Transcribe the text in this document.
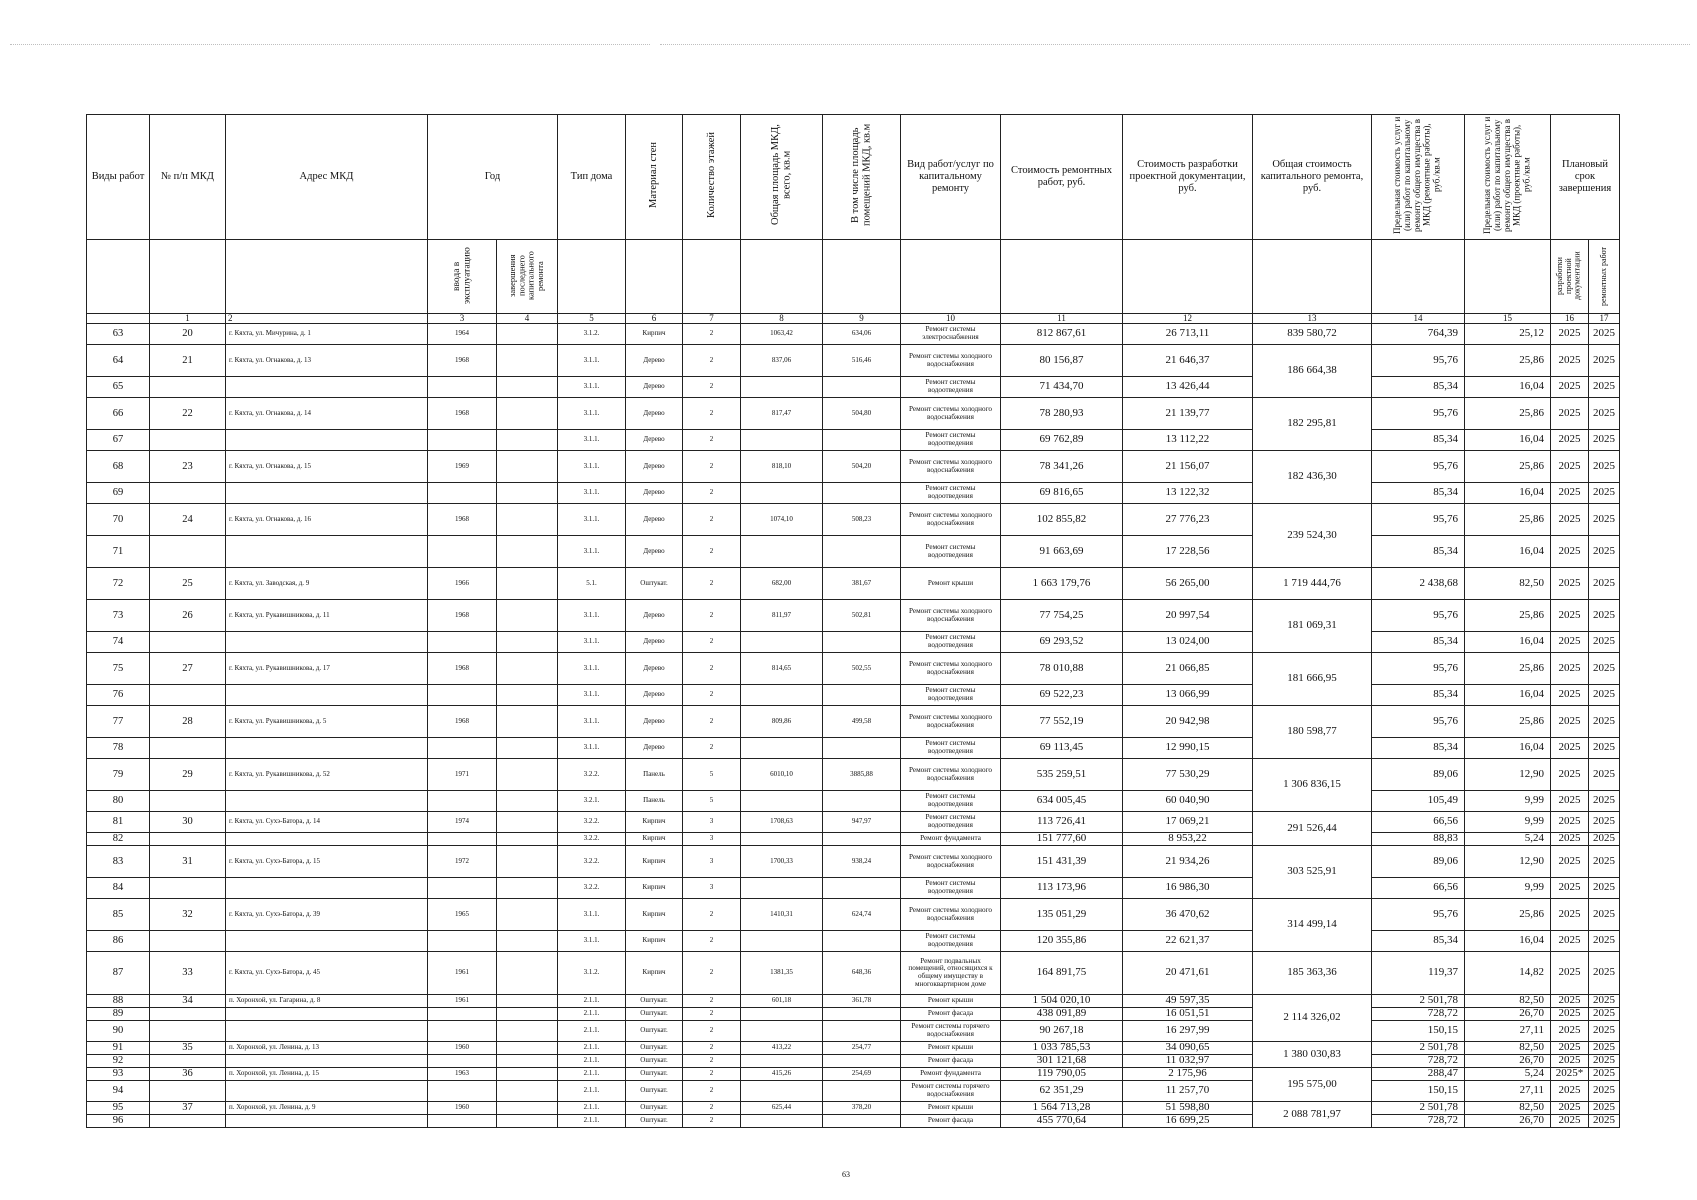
Виды работ	№ п/п МКД	Адрес МКД	Год		Тип дома	Материал стен	Количество этажей	Общая площадь МКД, всего, кв.м	В том числе площадь помещений МКД, кв.м	Вид работ/услуг по капитальному ремонту	Стоимость ремонтных работ, руб.	Стоимость разработки проектной документации, руб.	Общая стоимость капитального ремонта, руб.	Предельная стоимость услуг и (или) работ по капитальному ремонту общего имущества в МКД (ремонтные работы), руб./кв.м	Предельная стоимость услуг и (или) работ по капитальному ремонту общего имущества в МКД (проектные работы), руб./кв.м	Плановый срок завершения	
			ввода в эксплуатацию	завершения последнего капитального ремонта												разработки проектной документации	ремонтных работ
	1	2	3	4	5	6	7	8	9	10	11	12	13	14	15	16	17
63	20	г. Кяхта, ул. Мичурина, д. 1	1964		3.1.2.	Кирпич	2	1063,42	634,06	Ремонт системы электроснабжения	812 867,61	26 713,11	839 580,72	764,39	25,12	2025	2025
64	21	г. Кяхта, ул. Огнакова, д. 13	1968		3.1.1.	Дерево	2	837,06	516,46	Ремонт системы холодного водоснабжения	80 156,87	21 646,37	186 664,38	95,76	25,86	2025	2025
65					3.1.1.	Дерево	2			Ремонт системы водоотведения	71 434,70	13 426,44		85,34	16,04	2025	2025
66	22	г. Кяхта, ул. Огнакова, д. 14	1968		3.1.1.	Дерево	2	817,47	504,80	Ремонт системы холодного водоснабжения	78 280,93	21 139,77	182 295,81	95,76	25,86	2025	2025
67					3.1.1.	Дерево	2			Ремонт системы водоотведения	69 762,89	13 112,22		85,34	16,04	2025	2025
68	23	г. Кяхта, ул. Огнакова, д. 15	1969		3.1.1.	Дерево	2	818,10	504,20	Ремонт системы холодного водоснабжения	78 341,26	21 156,07	182 436,30	95,76	25,86	2025	2025
69					3.1.1.	Дерево	2			Ремонт системы водоотведения	69 816,65	13 122,32		85,34	16,04	2025	2025
70	24	г. Кяхта, ул. Огнакова, д. 16	1968		3.1.1.	Дерево	2	1074,10	508,23	Ремонт системы холодного водоснабжения	102 855,82	27 776,23	239 524,30	95,76	25,86	2025	2025
71					3.1.1.	Дерево	2			Ремонт системы водоотведения	91 663,69	17 228,56		85,34	16,04	2025	2025
72	25	г. Кяхта, ул. Заводская, д. 9	1966		5.1.	Оштукат.	2	682,00	381,67	Ремонт крыши	1 663 179,76	56 265,00	1 719 444,76	2 438,68	82,50	2025	2025
73	26	г. Кяхта, ул. Рукавишникова, д. 11	1968		3.1.1.	Дерево	2	811,97	502,81	Ремонт системы холодного водоснабжения	77 754,25	20 997,54	181 069,31	95,76	25,86	2025	2025
74					3.1.1.	Дерево	2			Ремонт системы водоотведения	69 293,52	13 024,00		85,34	16,04	2025	2025
75	27	г. Кяхта, ул. Рукавишникова, д. 17	1968		3.1.1.	Дерево	2	814,65	502,55	Ремонт системы холодного водоснабжения	78 010,88	21 066,85	181 666,95	95,76	25,86	2025	2025
76					3.1.1.	Дерево	2			Ремонт системы водоотведения	69 522,23	13 066,99		85,34	16,04	2025	2025
77	28	г. Кяхта, ул. Рукавишникова, д. 5	1968		3.1.1.	Дерево	2	809,86	499,58	Ремонт системы холодного водоснабжения	77 552,19	20 942,98	180 598,77	95,76	25,86	2025	2025
78					3.1.1.	Дерево	2			Ремонт системы водоотведения	69 113,45	12 990,15		85,34	16,04	2025	2025
79	29	г. Кяхта, ул. Рукавишникова, д. 52	1971		3.2.2.	Панель	5	6010,10	3885,88	Ремонт системы холодного водоснабжения	535 259,51	77 530,29	1 306 836,15	89,06	12,90	2025	2025
80					3.2.1.	Панель	5			Ремонт системы водоотведения	634 005,45	60 040,90		105,49	9,99	2025	2025
81	30	г. Кяхта, ул. Сухэ-Батора, д. 14	1974		3.2.2.	Кирпич	3	1708,63	947,97	Ремонт системы водоотведения	113 726,41	17 069,21	291 526,44	66,56	9,99	2025	2025
82					3.2.2.	Кирпич	3			Ремонт фундамента	151 777,60	8 953,22		88,83	5,24	2025	2025
83	31	г. Кяхта, ул. Сухэ-Батора, д. 15	1972		3.2.2.	Кирпич	3	1700,33	938,24	Ремонт системы холодного водоснабжения	151 431,39	21 934,26	303 525,91	89,06	12,90	2025	2025
84					3.2.2.	Кирпич	3			Ремонт системы водоотведения	113 173,96	16 986,30		66,56	9,99	2025	2025
85	32	г. Кяхта, ул. Сухэ-Батора, д. 39	1965		3.1.1.	Кирпич	2	1410,31	624,74	Ремонт системы холодного водоснабжения	135 051,29	36 470,62	314 499,14	95,76	25,86	2025	2025
86					3.1.1.	Кирпич	2			Ремонт системы водоотведения	120 355,86	22 621,37		85,34	16,04	2025	2025
87	33	г. Кяхта, ул. Сухэ-Батора, д. 45	1961		3.1.2.	Кирпич	2	1381,35	648,36	Ремонт подвальных помещений, относящихся к общему имуществу в многоквартирном доме	164 891,75	20 471,61	185 363,36	119,37	14,82	2025	2025
88	34	п. Хоронхой, ул. Гагарина, д. 8	1961		2.1.1.	Оштукат.	2	601,18	361,78	Ремонт крыши	1 504 020,10	49 597,35	2 114 326,02	2 501,78	82,50	2025	2025
89					2.1.1.	Оштукат.	2			Ремонт фасада	438 091,89	16 051,51		728,72	26,70	2025	2025
90					2.1.1.	Оштукат.	2			Ремонт системы горячего водоснабжения	90 267,18	16 297,99		150,15	27,11	2025	2025
91	35	п. Хоронхой, ул. Ленина, д. 13	1960		2.1.1.	Оштукат.	2	413,22	254,77	Ремонт крыши	1 033 785,53	34 090,65	1 380 030,83	2 501,78	82,50	2025	2025
92					2.1.1.	Оштукат.	2			Ремонт фасада	301 121,68	11 032,97		728,72	26,70	2025	2025
93	36	п. Хоронхой, ул. Ленина, д. 15	1963		2.1.1.	Оштукат.	2	415,26	254,69	Ремонт фундамента	119 790,05	2 175,96	195 575,00	288,47	5,24	2025*	2025
94					2.1.1.	Оштукат.	2			Ремонт системы горячего водоснабжения	62 351,29	11 257,70		150,15	27,11	2025	2025
95	37	п. Хоронхой, ул. Ленина, д. 9	1960		2.1.1.	Оштукат.	2	625,44	378,20	Ремонт крыши	1 564 713,28	51 598,80	2 088 781,97	2 501,78	82,50	2025	2025
96					2.1.1.	Оштукат.	2			Ремонт фасада	455 770,64	16 699,25		728,72	26,70	2025	2025
63
